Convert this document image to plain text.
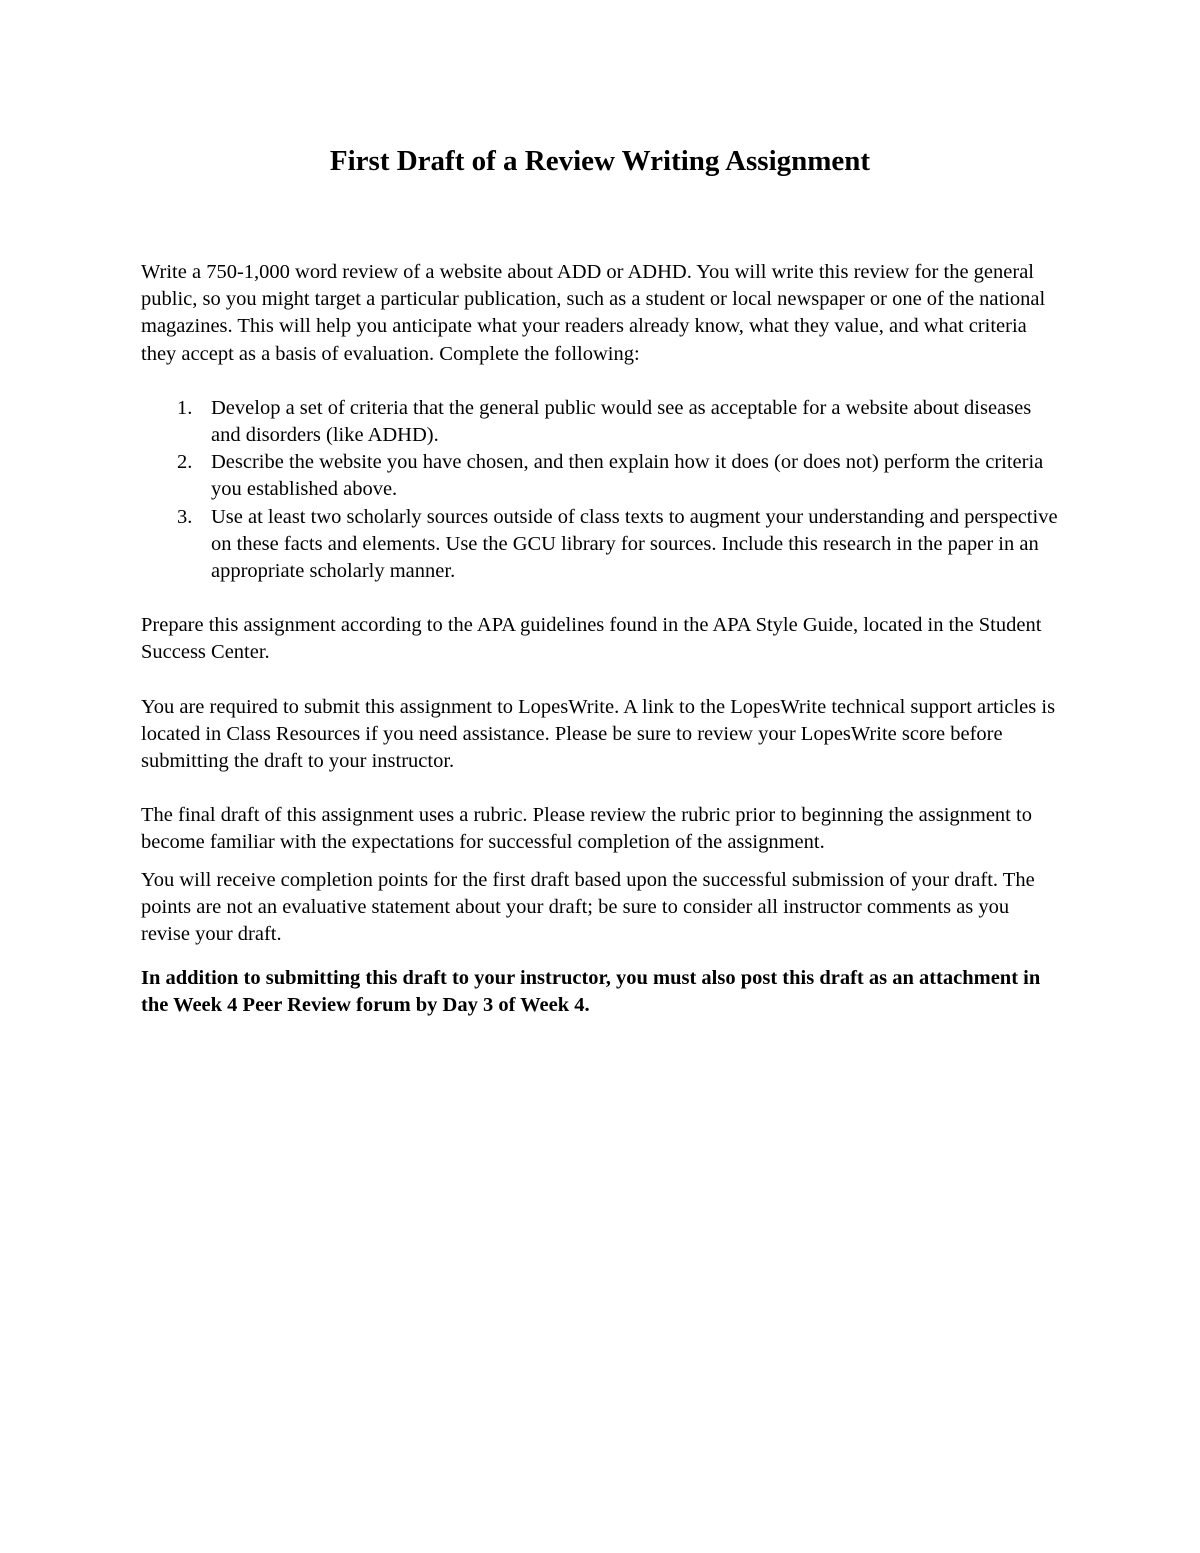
First Draft of a Review Writing Assignment

Write a 750-1,000 word review of a website about ADD or ADHD. You will write this review for the general public, so you might target a particular publication, such as a student or local newspaper or one of the national magazines. This will help you anticipate what your readers already know, what they value, and what criteria they accept as a basis of evaluation. Complete the following:

1. Develop a set of criteria that the general public would see as acceptable for a website about diseases and disorders (like ADHD).
2. Describe the website you have chosen, and then explain how it does (or does not) perform the criteria you established above.
3. Use at least two scholarly sources outside of class texts to augment your understanding and perspective on these facts and elements. Use the GCU library for sources. Include this research in the paper in an appropriate scholarly manner.

Prepare this assignment according to the APA guidelines found in the APA Style Guide, located in the Student Success Center.

You are required to submit this assignment to LopesWrite. A link to the LopesWrite technical support articles is located in Class Resources if you need assistance. Please be sure to review your LopesWrite score before submitting the draft to your instructor.

The final draft of this assignment uses a rubric. Please review the rubric prior to beginning the assignment to become familiar with the expectations for successful completion of the assignment.

You will receive completion points for the first draft based upon the successful submission of your draft. The points are not an evaluative statement about your draft; be sure to consider all instructor comments as you revise your draft.

In addition to submitting this draft to your instructor, you must also post this draft as an attachment in the Week 4 Peer Review forum by Day 3 of Week 4.
